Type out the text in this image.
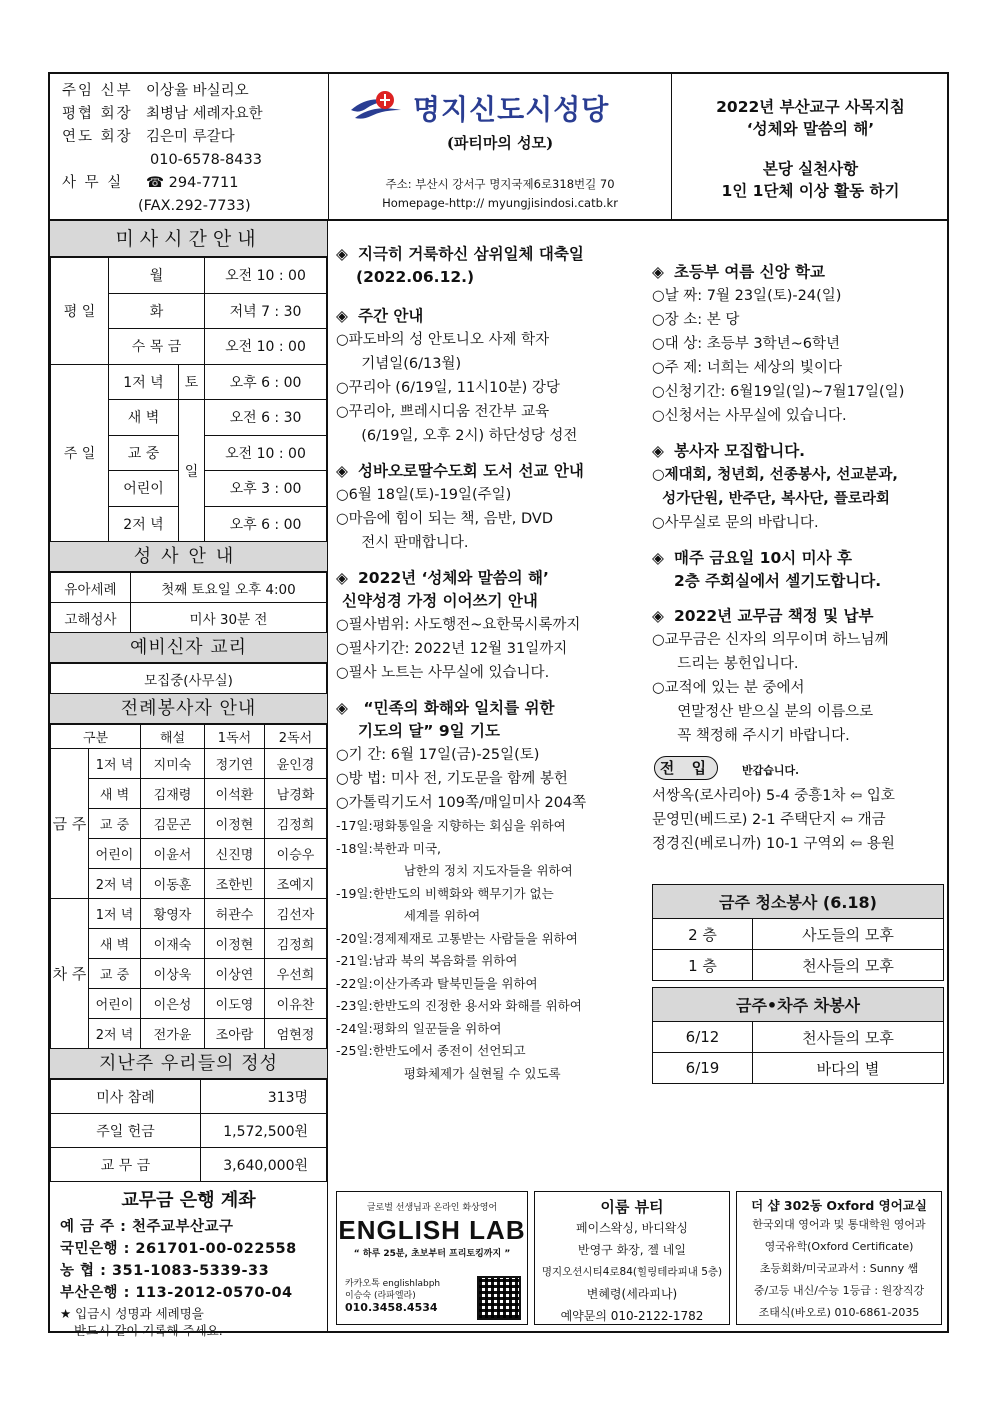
주임 신부 이상율 바실리오
평협 회장 최병남 세례자요한
연도 회장 김은미 루갈다
010-6578-8433
사 무 실 ☎ 294-7711
(FAX.292-7733)
명지신도시성당
(파티마의 성모)
주소: 부산시 강서구 명지국제6로318번길 70
Homepage-http:// myungjisindosi.catb.kr
2022년 부산교구 사목지침
‘성체와 말씀의 해’
본당 실천사항
1인 1단체 이상 활동 하기
미사시간안내
평 일	월		오전 10 : 00
	화		저녁 7 : 30
	수 목 금		오전 10 : 00
주 일	1저 녁	토	오후 6 : 00
	새 벽	일	오전 6 : 30
	교 중		오전 10 : 00
	어린이		오후 3 : 00
	2저 녁		오후 6 : 00
성사안내
유아세례	첫째 토요일 오후 4:00
고해성사	미사 30분 전
예비신자 교리
모집중(사무실)
전례봉사자 안내
구분		해설	1독서	2독서
금 주	1저 녁	지미숙	정기연	윤인경
	새 벽	김재령	이석환	남경화
	교 중	김문곤	이정현	김정희
	어린이	이윤서	신진명	이승우
	2저 녁	이동훈	조한빈	조예지
차 주	1저 녁	황영자	허관수	김선자
	새 벽	이재숙	이정현	김정희
	교 중	이상욱	이상연	우선희
	어린이	이은성	이도영	이유찬
	2저 녁	전가윤	조아람	엄현정
지난주 우리들의 정성
미사 참례	313명
주일 헌금	1,572,500원
교 무 금	3,640,000원
교무금 은행 계좌
예 금 주 : 천주교부산교구
국민은행 : 261701-00-022558
농 협 : 351-1083-5339-33
부산은행 : 113-2012-0570-04
★ 입금시 성명과 세례명을
반드시 같이 기록해 주세요.
◈ 지극히 거룩하신 삼위일체 대축일
(2022.06.12.)
◈ 주간 안내
○파도바의 성 안토니오 사제 학자
기념일(6/13월)
○꾸리아 (6/19일, 11시10분) 강당
○꾸리아, 쁘레시디움 전간부 교육
(6/19일, 오후 2시) 하단성당 성전
◈ 성바오로딸수도회 도서 선교 안내
○6월 18일(토)-19일(주일)
○마음에 힘이 되는 책, 음반, DVD
전시 판매합니다.
◈ 2022년 ‘성체와 말씀의 해’
신약성경 가정 이어쓰기 안내
○필사범위: 사도행전~요한묵시록까지
○필사기간: 2022년 12월 31일까지
○필사 노트는 사무실에 있습니다.
◈ “민족의 화해와 일치를 위한
기도의 달” 9일 기도
○기 간: 6월 17일(금)-25일(토)
○방 법: 미사 전, 기도문을 함께 봉헌
○가톨릭기도서 109쪽/매일미사 204쪽
-17일:평화통일을 지향하는 회심을 위하여
-18일:북한과 미국,
남한의 정치 지도자들을 위하여
-19일:한반도의 비핵화와 핵무기가 없는
세계를 위하여
-20일:경제제재로 고통받는 사람들을 위하여
-21일:남과 북의 복음화를 위하여
-22일:이산가족과 탈북민들을 위하여
-23일:한반도의 진정한 용서와 화해를 위하여
-24일:평화의 일꾼들을 위하여
-25일:한반도에서 종전이 선언되고
평화체제가 실현될 수 있도록
◈ 초등부 여름 신앙 학교
○날 짜: 7월 23일(토)-24(일)
○장 소: 본 당
○대 상: 초등부 3학년~6학년
○주 제: 너희는 세상의 빛이다
○신청기간: 6월19일(일)~7월17일(일)
○신청서는 사무실에 있습니다.
◈ 봉사자 모집합니다.
○제대회, 청년회, 선종봉사, 선교분과,
성가단원, 반주단, 복사단, 플로라회
○사무실로 문의 바랍니다.
◈ 매주 금요일 10시 미사 후
2층 주회실에서 셀기도합니다.
◈ 2022년 교무금 책정 및 납부
○교무금은 신자의 의무이며 하느님께
드리는 봉헌입니다.
○교적에 있는 분 중에서
연말정산 받으실 분의 이름으로
꼭 책정해 주시기 바랍니다.
전 입	반갑습니다.
서쌍옥(로사리아) 5-4 중흥1차 ⇦ 입호
문영민(베드로) 2-1 주택단지 ⇦ 개금
정경진(베로니까) 10-1 구역외 ⇦ 용원
금주 청소봉사 (6.18)	
2 층	사도들의 모후
1 층	천사들의 모후
금주•차주 차봉사	
6/12	천사들의 모후
6/19	바다의 별
글로벌 선생님과 온라인 화상영어
ENGLISH LAB
“ 하루 25분, 초보부터 프리토킹까지 ”
카카오톡 englishlabph
이승숙 (라파엘라)
010.3458.4534
이룸 뷰티
페이스왁싱, 바디왁싱
반영구 화장, 젤 네일
명지오션시티4로84(힐링테라피내 5층)
변혜령(세라피나)
예약문의 010-2122-1782
더 샵 302동 Oxford 영어교실
한국외대 영어과 및 통대학원 영어과
영국유학(Oxford Certificate)
초등회화/미국교과서 : Sunny 쌤
중/고등 내신/수능 1등급 : 원장직강
조태식(바오로) 010-6861-2035
